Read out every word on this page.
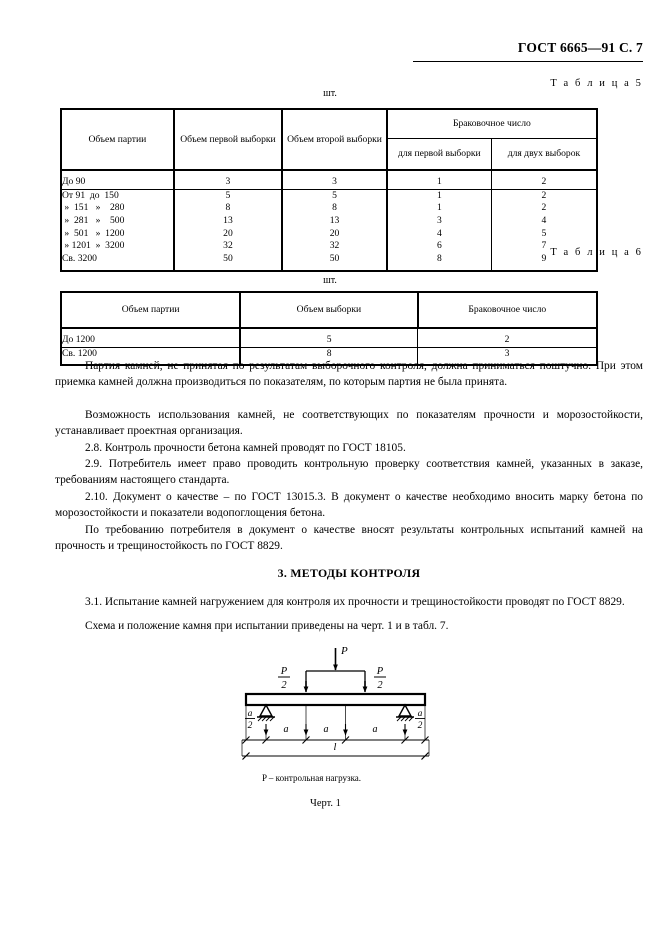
ГОСТ 6665—91 С. 7
Т а б л и ц а 5
шт.
Объем партии	Объем первой выборки	Объем второй выборки	Браковочное число	
			для первой выборки	для двух выборок
До 90	3	3	1	2
От 91  до  150	5	5	1	2
»  151   »    280	8	8	1	2
»  281   »    500	13	13	3	4
»  501   »  1200	20	20	4	5
» 1201  »  3200	32	32	6	7
Св. 3200	50	50	8	9
Т а б л и ц а 6
шт.
Объем партии	Объем выборки	Браковочное число
До 1200	5	2
Св. 1200	8	3
Партия камней, не принятая по результатам выборочного контроля, должна приниматься поштучно. При этом приемка камней должна производиться по показателям, по которым партия не была принята.
Возможность использования камней, не соответствующих по показателям прочности и морозостойкости, устанавливает проектная организация.
2.8. Контроль прочности бетона камней проводят по ГОСТ 18105.
2.9. Потребитель имеет право проводить контрольную проверку соответствия камней, указанных в заказе, требованиям настоящего стандарта.
2.10. Документ о качестве – по ГОСТ 13015.3. В документ о качестве необходимо вносить марку бетона по морозостойкости и показатели водопоглощения бетона.
По требованию потребителя в документ о качестве вносят результаты контрольных испытаний камней на прочность и трещиностойкость по ГОСТ 8829.
3. МЕТОДЫ КОНТРОЛЯ
3.1. Испытание камней нагружением для контроля их прочности и трещиностойкости проводят по ГОСТ 8829.
Схема и положение камня при испытании приведены на черт. 1 и в табл. 7.
P
P
2
P
2
a
2
a
2
a	a	a
l
P – контрольная нагрузка.
Черт. 1
